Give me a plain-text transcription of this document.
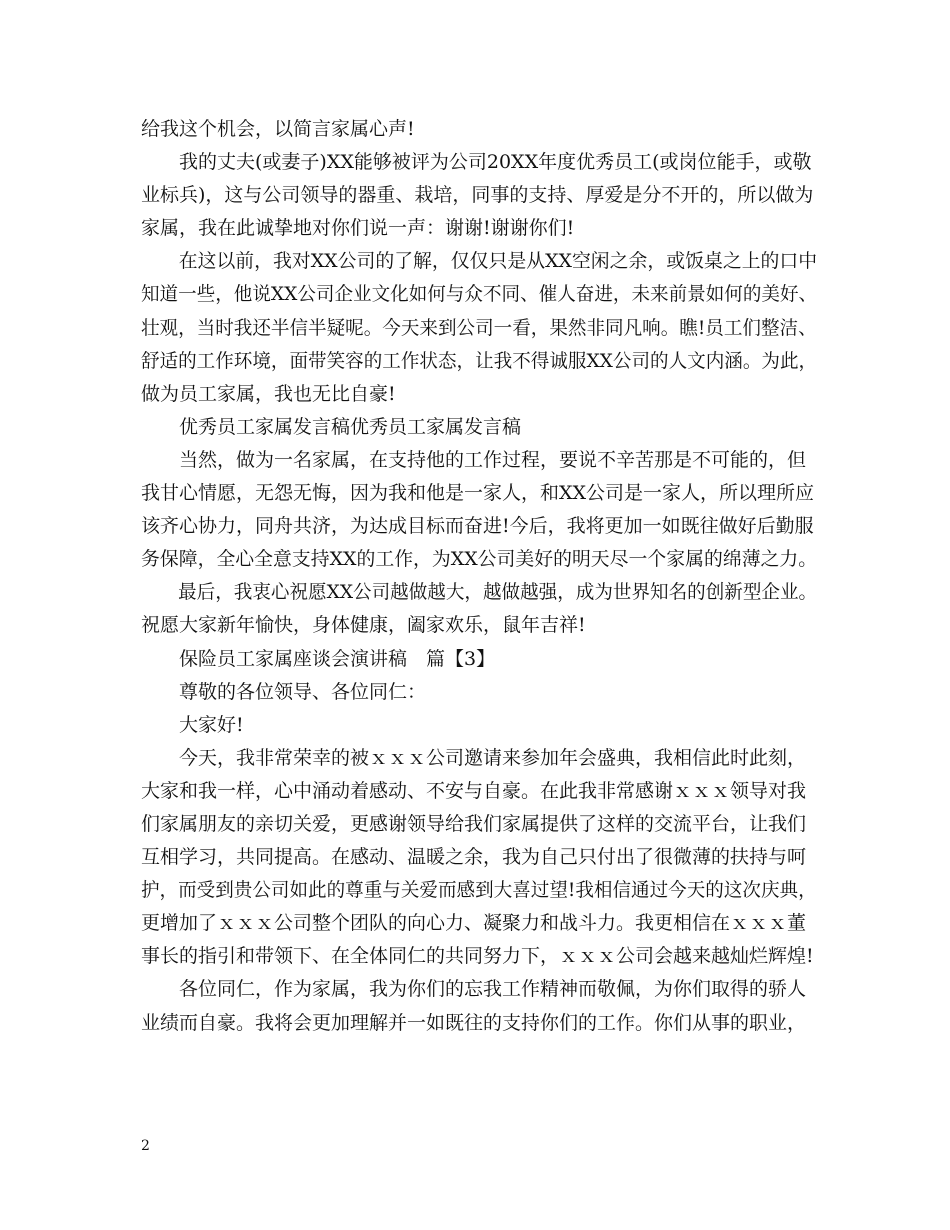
给我这个机会，以简言家属心声!
我的丈夫(或妻子)XX能够被评为公司20XX年度优秀员工(或岗位能手，或敬
业标兵)，这与公司领导的器重、栽培，同事的支持、厚爱是分不开的，所以做为
家属，我在此诚挚地对你们说一声：谢谢!谢谢你们!
在这以前，我对XX公司的了解，仅仅只是从XX空闲之余，或饭桌之上的口中
知道一些，他说XX公司企业文化如何与众不同、催人奋进，未来前景如何的美好、
壮观，当时我还半信半疑呢。今天来到公司一看，果然非同凡响。瞧!员工们整洁、
舒适的工作环境，面带笑容的工作状态，让我不得诚服XX公司的人文内涵。为此，
做为员工家属，我也无比自豪!
优秀员工家属发言稿优秀员工家属发言稿
当然，做为一名家属，在支持他的工作过程，要说不辛苦那是不可能的，但
我甘心情愿，无怨无悔，因为我和他是一家人，和XX公司是一家人，所以理所应
该齐心协力，同舟共济，为达成目标而奋进!今后，我将更加一如既往做好后勤服
务保障，全心全意支持XX的工作，为XX公司美好的明天尽一个家属的绵薄之力。
最后，我衷心祝愿XX公司越做越大，越做越强，成为世界知名的创新型企业。
祝愿大家新年愉快，身体健康，阖家欢乐，鼠年吉祥!
保险员工家属座谈会演讲稿　篇【3】
尊敬的各位领导、各位同仁：
大家好!
今天，我非常荣幸的被ｘｘｘ公司邀请来参加年会盛典，我相信此时此刻，
大家和我一样，心中涌动着感动、不安与自豪。在此我非常感谢ｘｘｘ领导对我
们家属朋友的亲切关爱，更感谢领导给我们家属提供了这样的交流平台，让我们
互相学习，共同提高。在感动、温暖之余，我为自己只付出了很微薄的扶持与呵
护，而受到贵公司如此的尊重与关爱而感到大喜过望!我相信通过今天的这次庆典，
更增加了ｘｘｘ公司整个团队的向心力、凝聚力和战斗力。我更相信在ｘｘｘ董
事长的指引和带领下、在全体同仁的共同努力下，ｘｘｘ公司会越来越灿烂辉煌!
各位同仁，作为家属，我为你们的忘我工作精神而敬佩，为你们取得的骄人
业绩而自豪。我将会更加理解并一如既往的支持你们的工作。你们从事的职业，
2
